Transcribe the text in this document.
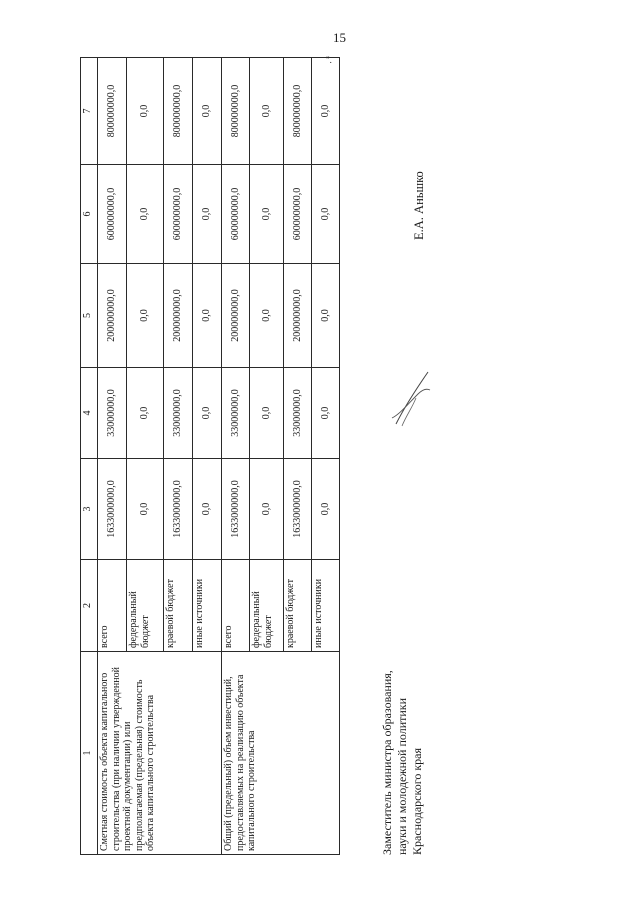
15
".
1	2	3	4	5	6	7
Сметная стоимость объекта капитального строительства (при наличии утвержденной проектной документации) или предполагаемая (предельная) стоимость объекта капитального строительства	всего	1633000000,0	33000000,0	200000000,0	600000000,0	800000000,0
	федеральный бюджет	0,0	0,0	0,0	0,0	0,0
	краевой бюджет	1633000000,0	33000000,0	200000000,0	600000000,0	800000000,0
	иные источники	0,0	0,0	0,0	0,0	0,0
Общий (предельный) объем инвестиций, предоставляемых на реализацию объекта капитального строительства	всего	1633000000,0	33000000,0	200000000,0	600000000,0	800000000,0
	федеральный бюджет	0,0	0,0	0,0	0,0	0,0
	краевой бюджет	1633000000,0	33000000,0	200000000,0	600000000,0	800000000,0
	иные источники	0,0	0,0	0,0	0,0	0,0
Заместитель министра образования, науки и молодежной политики Краснодарского края
Е.А. Аньшко
